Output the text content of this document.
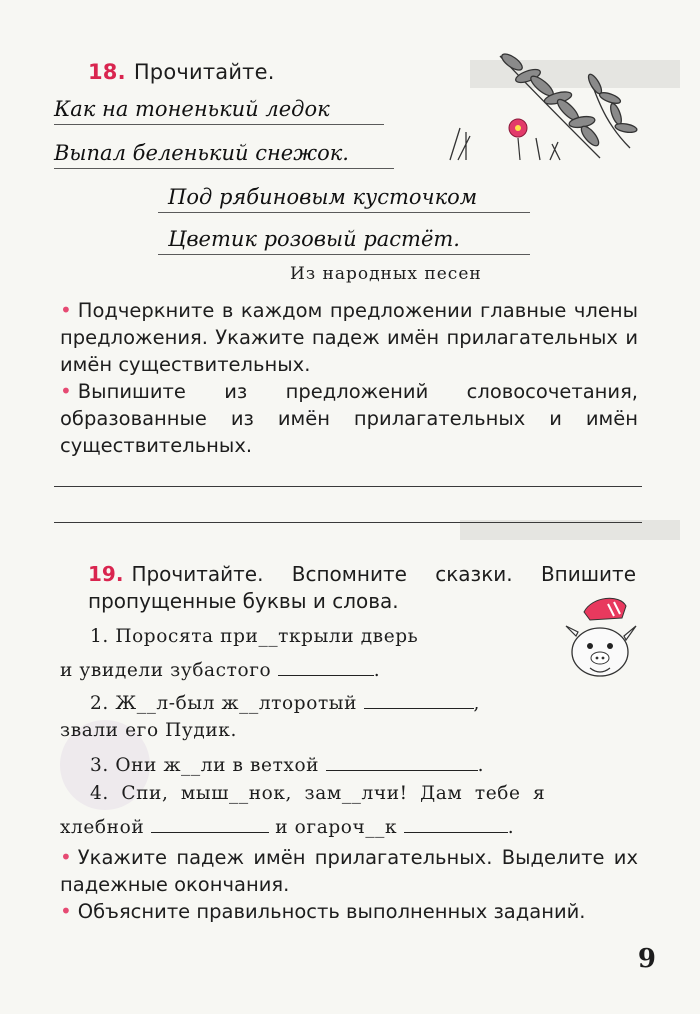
18. Прочитайте.
Как на тоненький ледок
Выпал беленький снежок.
Под рябиновым кусточком
Цветик розовый растёт.
Из народных песен
• Подчеркните в каждом предложении главные члены предложения. Укажите падеж имён прилагательных и имён существительных.
• Выпишите из предложений словосочетания, образованные из имён прилагательных и имён существительных.
19. Прочитайте. Вспомните сказки. Впишите пропущенные буквы и слова.
1. Поросята при__ткрыли дверь
и увидели зубастого	.
2. Ж__л-был ж__лторотый	,
звали его Пудик.
3. Они ж__ли в ветхой	.
4. Спи, мыш__нок, зам__лчи! Дам тебе я
хлебной	и огароч__к	.
• Укажите падеж имён прилагательных. Выделите их падежные окончания.
• Объясните правильность выполненных заданий.
9
